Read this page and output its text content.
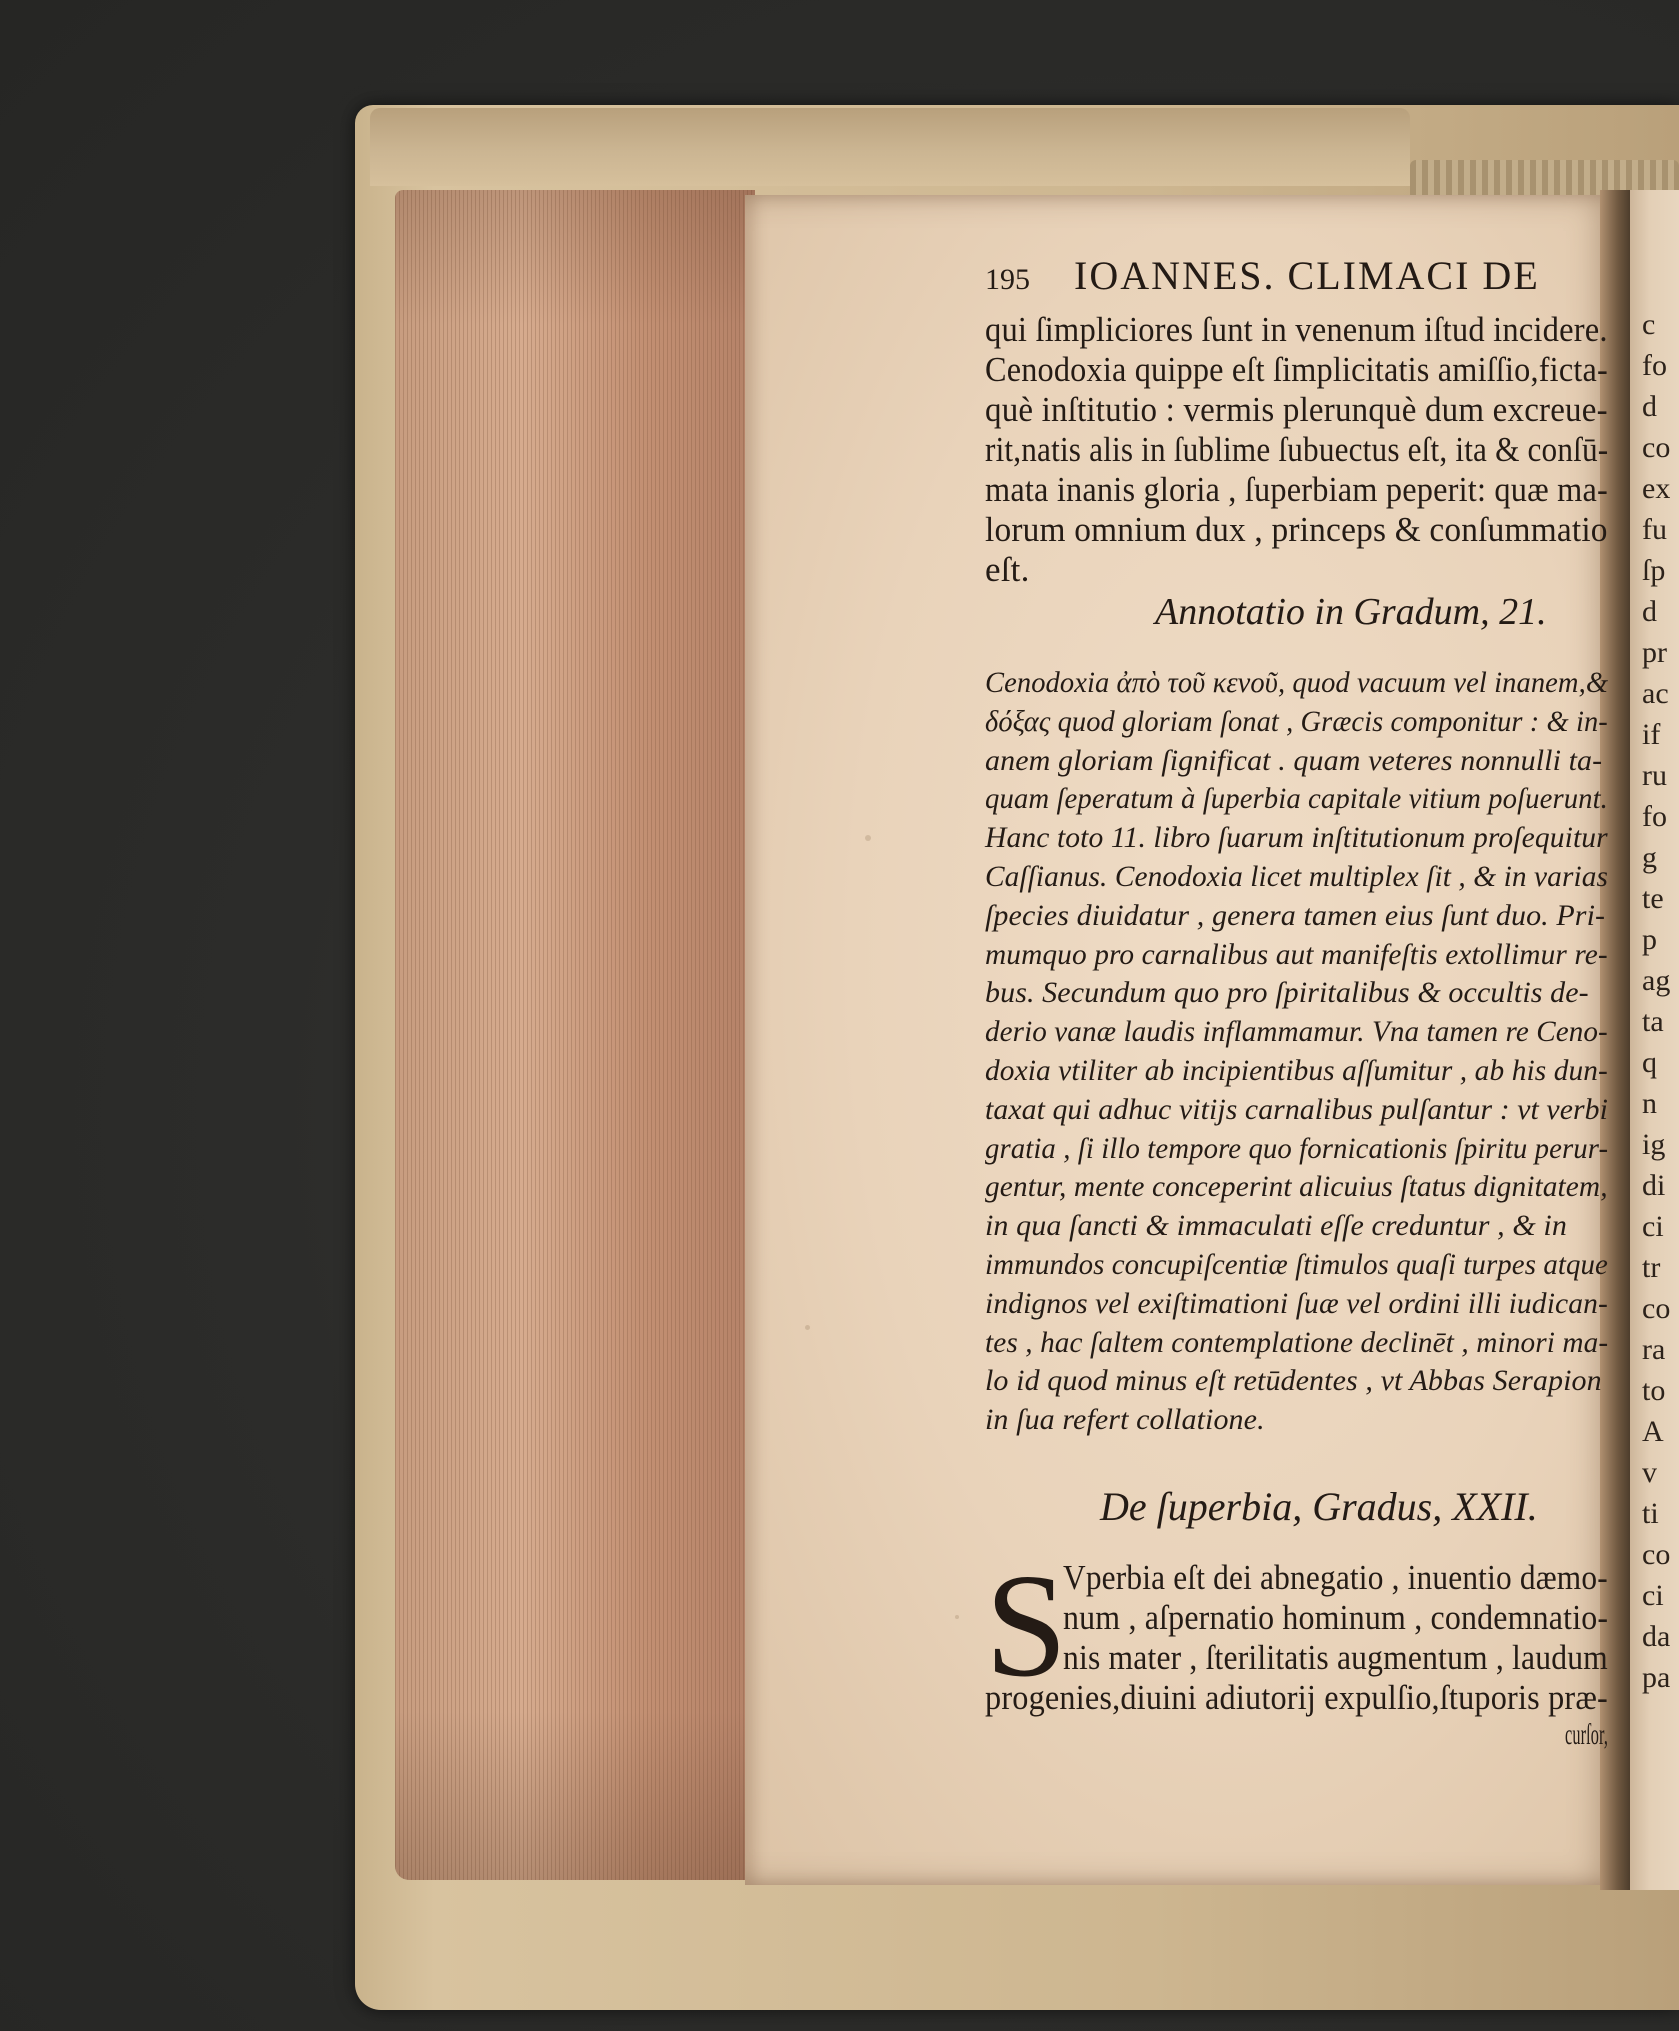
c
fo
d
co
ex
fu
ſp
d
pr
ac
if
ru
fo
g
te
p
ag
ta
q
n
ig
di
ci
tr
co
ra
to
A
v
ti
co
ci
da
pa
195 IOANNES. CLIMACI DE
qui ſimpliciores ſunt in venenum iſtud incidere.
Cenodoxia quippe eſt ſimplicitatis amiſſio,ficta-
què inſtitutio : vermis plerunquè dum excreue-
rit,natis alis in ſublime ſubuectus eſt, ita & conſū-
mata inanis gloria , ſuperbiam peperit: quæ ma-
lorum omnium dux , princeps & conſummatio
eſt.
Annotatio in Gradum, 21.
Cenodoxia ἀπὸ τοῦ κενοῦ, quod vacuum vel inanem,&
δόξας quod gloriam ſonat , Græcis componitur : & in-
anem gloriam ſignificat . quam veteres nonnulli ta-
quam ſeperatum à ſuperbia capitale vitium poſuerunt.
Hanc toto 11. libro ſuarum inſtitutionum proſequitur
Caſſianus. Cenodoxia licet multiplex ſit , & in varias
ſpecies diuidatur , genera tamen eius ſunt duo. Pri-
mumquo pro carnalibus aut manifeſtis extollimur re-
bus. Secundum quo pro ſpiritalibus & occultis de-
derio vanæ laudis inflammamur. Vna tamen re Ceno-
doxia vtiliter ab incipientibus aſſumitur , ab his dun-
taxat qui adhuc vitijs carnalibus pulſantur : vt verbi
gratia , ſi illo tempore quo fornicationis ſpiritu perur-
gentur, mente conceperint alicuius ſtatus dignitatem,
in qua ſancti & immaculati eſſe creduntur , & in
immundos concupiſcentiæ ſtimulos quaſi turpes atque
indignos vel exiſtimationi ſuæ vel ordini illi iudican-
tes , hac ſaltem contemplatione declinēt , minori ma-
lo id quod minus eſt retūdentes , vt Abbas Serapion
in ſua refert collatione.
De ſuperbia, Gradus, XXII.
S
Vperbia eſt dei abnegatio , inuentio dæmo-
num , aſpernatio hominum , condemnatio-
nis mater , ſterilitatis augmentum , laudum
progenies,diuini adiutorij expulſio,ſtuporis præ-
curſor,
